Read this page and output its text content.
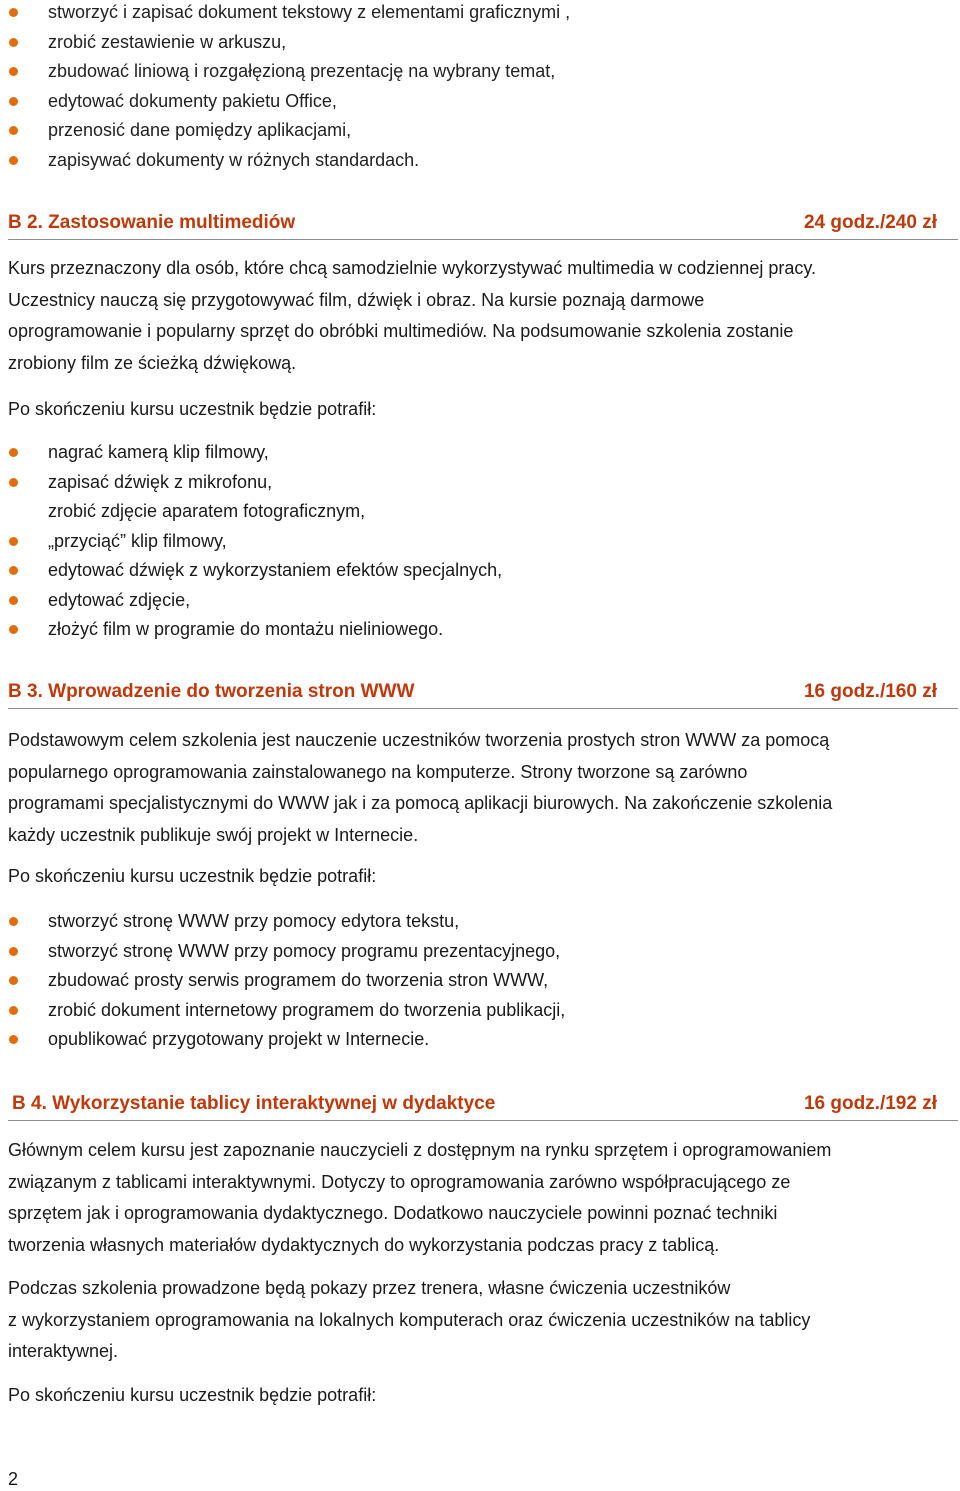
stworzyć i zapisać dokument tekstowy z elementami graficznymi ,
zrobić zestawienie w arkuszu,
zbudować liniową i rozgałęzioną prezentację na wybrany temat,
edytować dokumenty pakietu Office,
przenosić dane pomiędzy aplikacjami,
zapisywać dokumenty w różnych standardach.
B 2. Zastosowanie multimediów	24 godz./240 zł
Kurs przeznaczony dla osób, które chcą samodzielnie wykorzystywać multimedia w codziennej pracy.
Uczestnicy nauczą się przygotowywać film, dźwięk i obraz. Na kursie poznają darmowe
oprogramowanie i popularny sprzęt do obróbki multimediów. Na podsumowanie szkolenia zostanie
zrobiony film ze ścieżką dźwiękową.
Po skończeniu kursu uczestnik będzie potrafił:
nagrać kamerą klip filmowy,
zapisać dźwięk z mikrofonu,
zrobić zdjęcie aparatem fotograficznym,
„przyciąć” klip filmowy,
edytować dźwięk z wykorzystaniem efektów specjalnych,
edytować zdjęcie,
złożyć film w programie do montażu nieliniowego.
B 3. Wprowadzenie do tworzenia stron WWW	16 godz./160 zł
Podstawowym celem szkolenia jest nauczenie uczestników tworzenia prostych stron WWW za pomocą
popularnego oprogramowania zainstalowanego na komputerze. Strony tworzone są zarówno
programami specjalistycznymi do WWW jak i za pomocą aplikacji biurowych. Na zakończenie szkolenia
każdy uczestnik publikuje swój projekt w Internecie.
Po skończeniu kursu uczestnik będzie potrafił:
stworzyć stronę WWW przy pomocy edytora tekstu,
stworzyć stronę WWW przy pomocy programu prezentacyjnego,
zbudować prosty serwis programem do tworzenia stron WWW,
zrobić dokument internetowy programem do tworzenia publikacji,
opublikować przygotowany projekt w Internecie.
B 4. Wykorzystanie tablicy interaktywnej w dydaktyce	16 godz./192 zł
Głównym celem kursu jest zapoznanie nauczycieli z dostępnym na rynku sprzętem i oprogramowaniem
związanym z tablicami interaktywnymi. Dotyczy to oprogramowania zarówno współpracującego ze
sprzętem jak i oprogramowania dydaktycznego. Dodatkowo nauczyciele powinni poznać techniki
tworzenia własnych materiałów dydaktycznych do wykorzystania podczas pracy z tablicą.
Podczas szkolenia prowadzone będą pokazy przez trenera, własne ćwiczenia uczestników
z wykorzystaniem oprogramowania na lokalnych komputerach oraz ćwiczenia uczestników na tablicy
interaktywnej.
Po skończeniu kursu uczestnik będzie potrafił:
2
